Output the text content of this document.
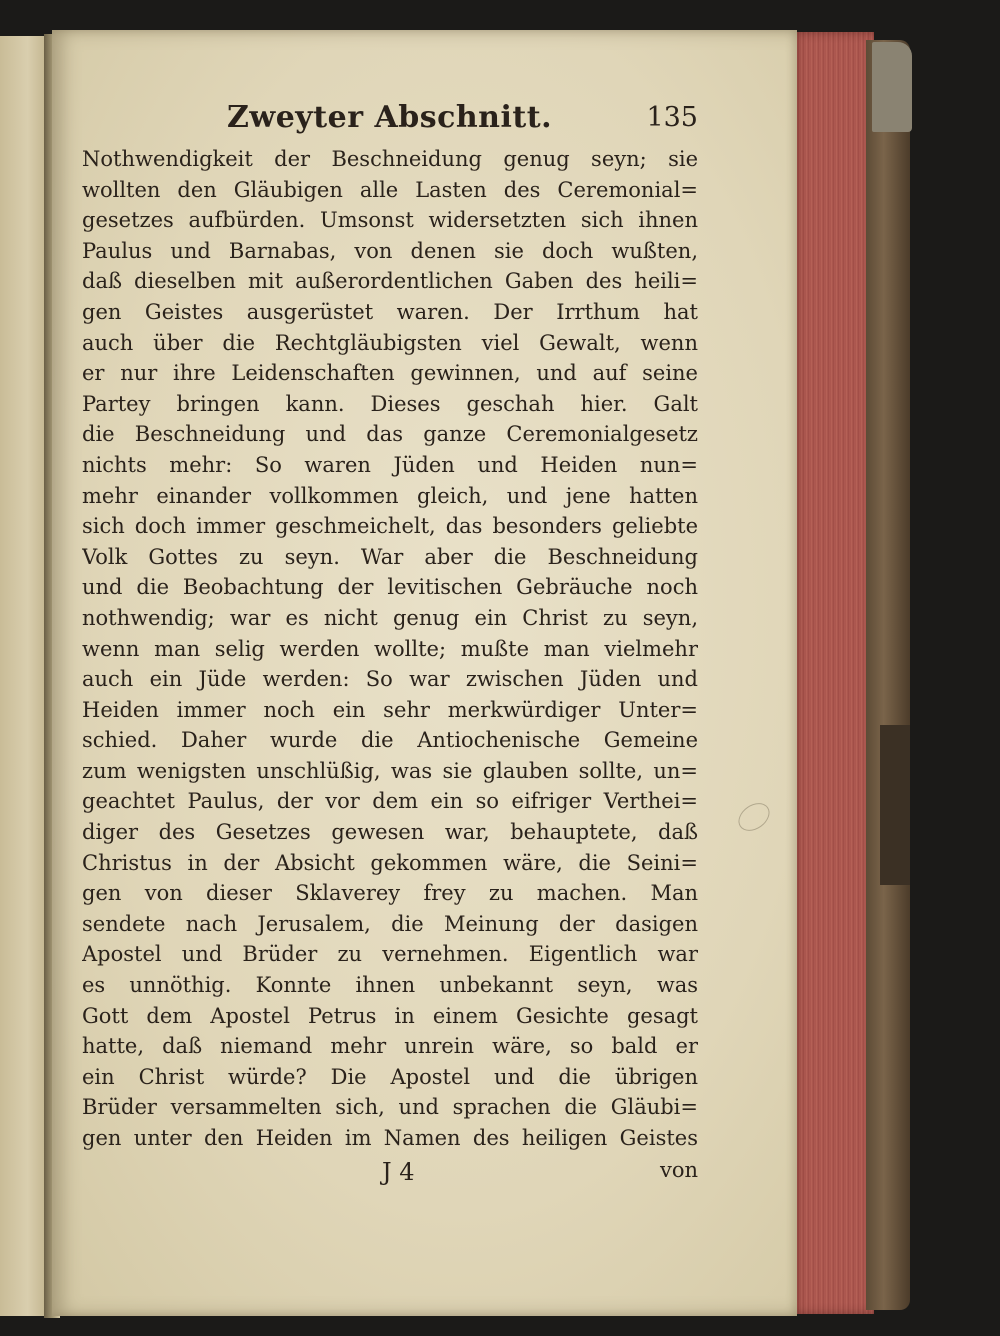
Zweyter Abschnitt.	135
Nothwendigkeit der Beschneidung genug seyn; sie
wollten den Gläubigen alle Lasten des Ceremonial=
gesetzes aufbürden. Umsonst widersetzten sich ihnen
Paulus und Barnabas, von denen sie doch wußten,
daß dieselben mit außerordentlichen Gaben des heili=
gen Geistes ausgerüstet waren. Der Irrthum hat
auch über die Rechtgläubigsten viel Gewalt, wenn
er nur ihre Leidenschaften gewinnen, und auf seine
Partey bringen kann. Dieses geschah hier. Galt
die Beschneidung und das ganze Ceremonialgesetz
nichts mehr: So waren Jüden und Heiden nun=
mehr einander vollkommen gleich, und jene hatten
sich doch immer geschmeichelt, das besonders geliebte
Volk Gottes zu seyn. War aber die Beschneidung
und die Beobachtung der levitischen Gebräuche noch
nothwendig; war es nicht genug ein Christ zu seyn,
wenn man selig werden wollte; mußte man vielmehr
auch ein Jüde werden: So war zwischen Jüden und
Heiden immer noch ein sehr merkwürdiger Unter=
schied. Daher wurde die Antiochenische Gemeine
zum wenigsten unschlüßig, was sie glauben sollte, un=
geachtet Paulus, der vor dem ein so eifriger Verthei=
diger des Gesetzes gewesen war, behauptete, daß
Christus in der Absicht gekommen wäre, die Seini=
gen von dieser Sklaverey frey zu machen. Man
sendete nach Jerusalem, die Meinung der dasigen
Apostel und Brüder zu vernehmen. Eigentlich war
es unnöthig. Konnte ihnen unbekannt seyn, was
Gott dem Apostel Petrus in einem Gesichte gesagt
hatte, daß niemand mehr unrein wäre, so bald er
ein Christ würde? Die Apostel und die übrigen
Brüder versammelten sich, und sprachen die Gläubi=
gen unter den Heiden im Namen des heiligen Geistes
J 4	von
